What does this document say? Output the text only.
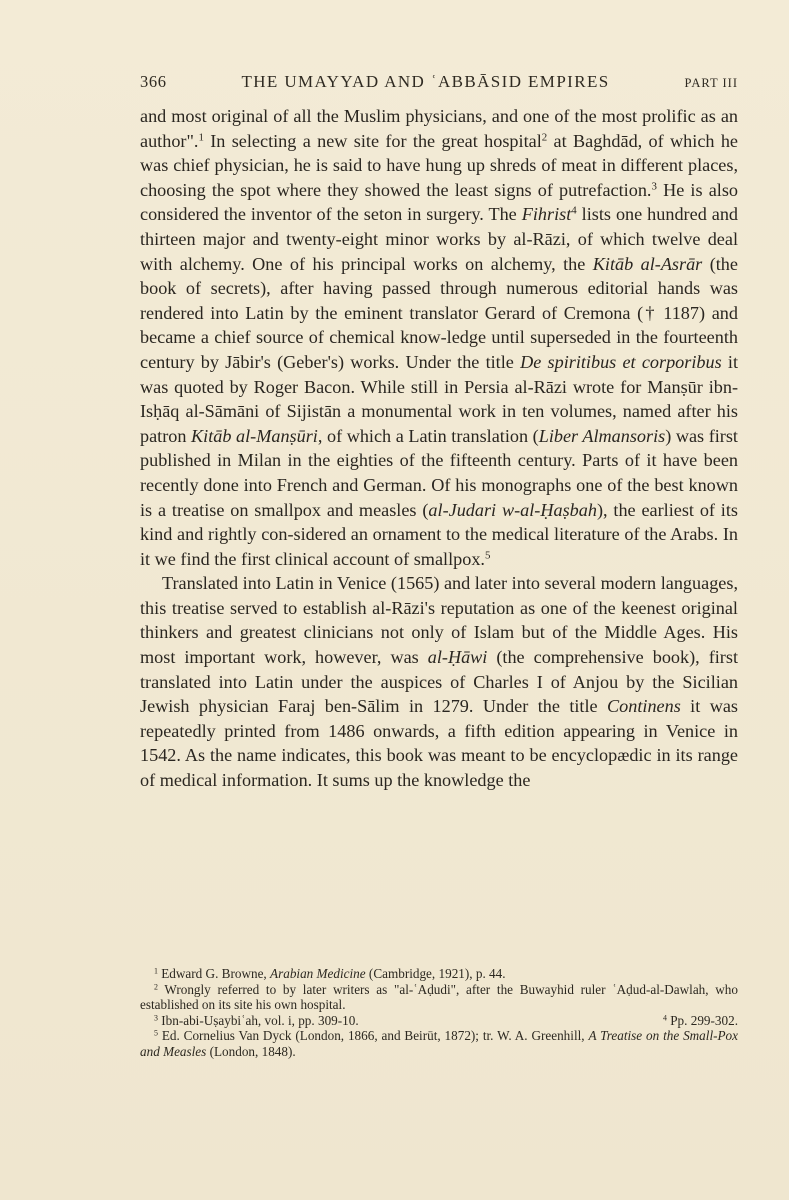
366	THE UMAYYAD AND ʿABBĀSID EMPIRES	PART III

and most original of all the Muslim physicians, and one of the most prolific as an author".$^1$ In selecting a new site for the great hospital$^2$ at Baghdād, of which he was chief physician, he is said to have hung up shreds of meat in different places, choosing the spot where they showed the least signs of putrefaction.$^3$ He is also considered the inventor of the seton in surgery. The Fihrist$^4$ lists one hundred and thirteen major and twenty-eight minor works by al-Rāzi, of which twelve deal with alchemy. One of his principal works on alchemy, the Kitāb al-Asrār (the book of secrets), after having passed through numerous editorial hands was rendered into Latin by the eminent translator Gerard of Cremona († 1187) and became a chief source of chemical know-ledge until superseded in the fourteenth century by Jābir's (Geber's) works. Under the title De spiritibus et corporibus it was quoted by Roger Bacon. While still in Persia al-Rāzi wrote for Manṣūr ibn-Isḥāq al-Sāmāni of Sijistān a monumental work in ten volumes, named after his patron Kitāb al-Manṣūri, of which a Latin translation (Liber Almansoris) was first published in Milan in the eighties of the fifteenth century. Parts of it have been recently done into French and German. Of his monographs one of the best known is a treatise on smallpox and measles (al-Judari w-al-Ḥaṣbah), the earliest of its kind and rightly con-sidered an ornament to the medical literature of the Arabs. In it we find the first clinical account of smallpox.$^5$

Translated into Latin in Venice (1565) and later into several modern languages, this treatise served to establish al-Rāzi's reputation as one of the keenest original thinkers and greatest clinicians not only of Islam but of the Middle Ages. His most important work, however, was al-Ḥāwi (the comprehensive book), first translated into Latin under the auspices of Charles I of Anjou by the Sicilian Jewish physician Faraj ben-Sālim in 1279. Under the title Continens it was repeatedly printed from 1486 onwards, a fifth edition appearing in Venice in 1542. As the name indicates, this book was meant to be encyclopædic in its range of medical information. It sums up the knowledge the

$^1$ Edward G. Browne, Arabian Medicine (Cambridge, 1921), p. 44.

$^2$ Wrongly referred to by later writers as "al-ʿAḍudi", after the Buwayhid ruler ʿAḍud-al-Dawlah, who established on its site his own hospital.

$^3$ Ibn-abi-Uṣaybiʿah, vol. i, pp. 309-10.	$^4$ Pp. 299-302.

$^5$ Ed. Cornelius Van Dyck (London, 1866, and Beirūt, 1872); tr. W. A. Greenhill, A Treatise on the Small-Pox and Measles (London, 1848).
